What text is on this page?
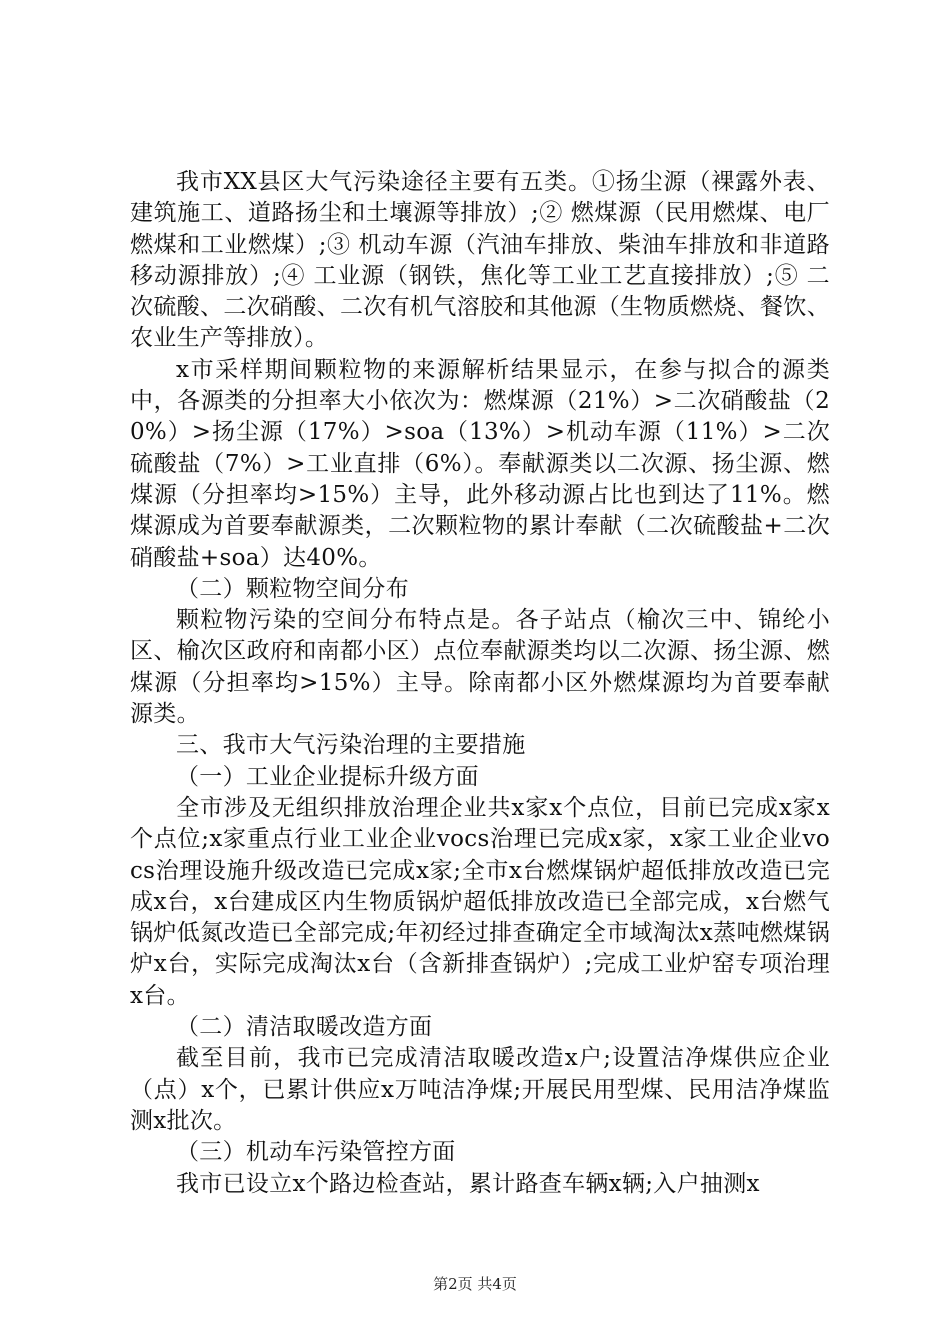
我市XX县区大气污染途径主要有五类。①扬尘源（裸露外表、建筑施工、道路扬尘和土壤源等排放）;② 燃煤源（民用燃煤、电厂燃煤和工业燃煤）;③ 机动车源（汽油车排放、柴油车排放和非道路移动源排放）;④ 工业源（钢铁，焦化等工业工艺直接排放）;⑤ 二次硫酸、二次硝酸、二次有机气溶胶和其他源（生物质燃烧、餐饮、农业生产等排放）。

x市采样期间颗粒物的来源解析结果显示，在参与拟合的源类中，各源类的分担率大小依次为：燃煤源（21%）>二次硝酸盐（20%）>扬尘源（17%）>soa（13%）>机动车源（11%）>二次硫酸盐（7%）>工业直排（6%）。奉献源类以二次源、扬尘源、燃煤源（分担率均>15%）主导，此外移动源占比也到达了11%。燃煤源成为首要奉献源类，二次颗粒物的累计奉献（二次硫酸盐+二次硝酸盐+soa）达40%。

（二）颗粒物空间分布

颗粒物污染的空间分布特点是。各子站点（榆次三中、锦纶小区、榆次区政府和南都小区）点位奉献源类均以二次源、扬尘源、燃煤源（分担率均>15%）主导。除南都小区外燃煤源均为首要奉献源类。

三、我市大气污染治理的主要措施

（一）工业企业提标升级方面

全市涉及无组织排放治理企业共x家x个点位，目前已完成x家x个点位;x家重点行业工业企业vocs治理已完成x家，x家工业企业vocs治理设施升级改造已完成x家;全市x台燃煤锅炉超低排放改造已完成x台，x台建成区内生物质锅炉超低排放改造已全部完成，x台燃气锅炉低氮改造已全部完成;年初经过排查确定全市域淘汰x蒸吨燃煤锅炉x台，实际完成淘汰x台（含新排查锅炉）;完成工业炉窑专项治理x台。

（二）清洁取暖改造方面

截至目前，我市已完成清洁取暖改造x户;设置洁净煤供应企业（点）x个，已累计供应x万吨洁净煤;开展民用型煤、民用洁净煤监测x批次。

（三）机动车污染管控方面

我市已设立x个路边检查站，累计路查车辆x辆;入户抽测x

第2页 共4页
